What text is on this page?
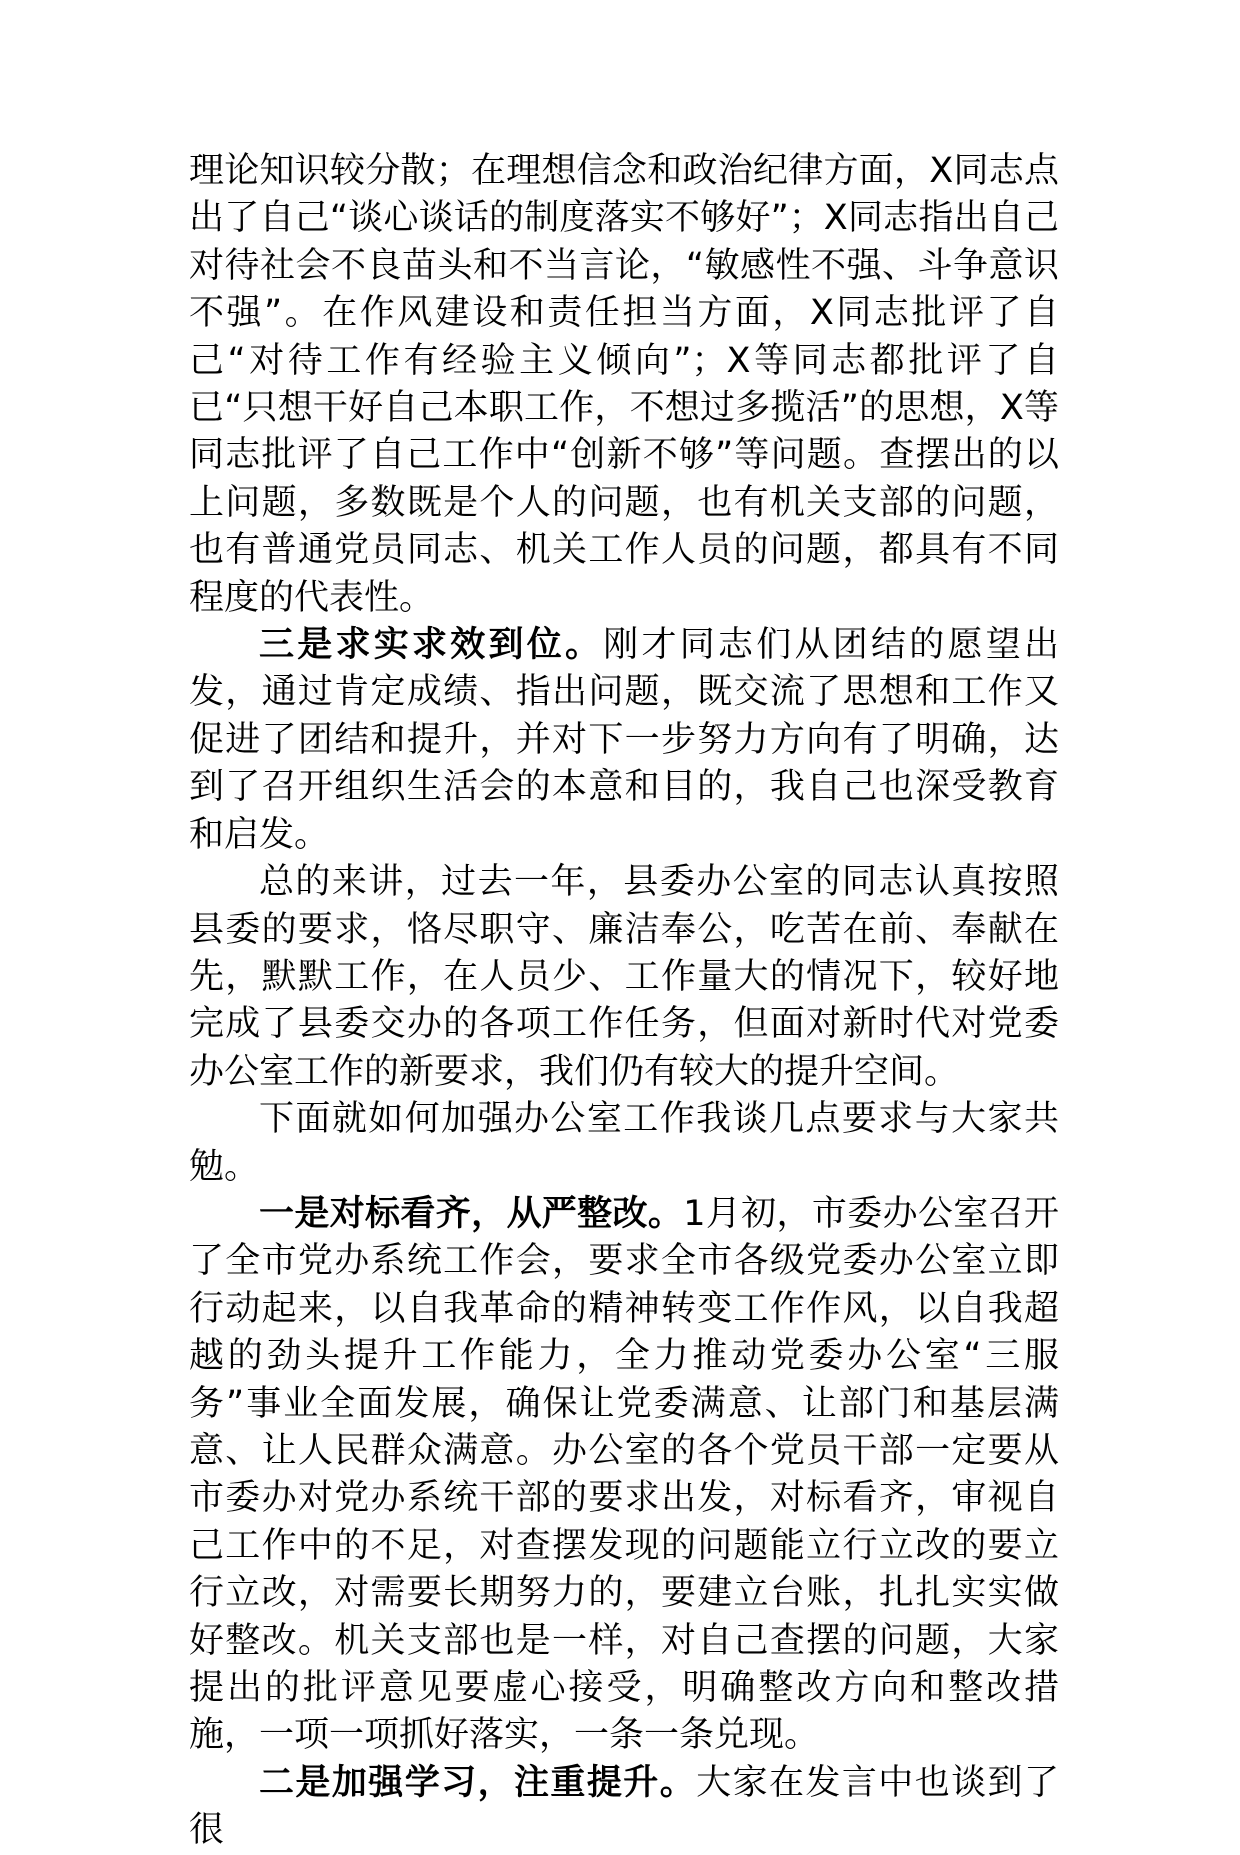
理论知识较分散；在理想信念和政治纪律方面，X同志点出了自己“谈心谈话的制度落实不够好”；X同志指出自己对待社会不良苗头和不当言论，“敏感性不强、斗争意识不强”。在作风建设和责任担当方面，X同志批评了自己“对待工作有经验主义倾向”；X等同志都批评了自已“只想干好自己本职工作，不想过多揽活”的思想，X等同志批评了自己工作中“创新不够”等问题。查摆出的以上问题，多数既是个人的问题，也有机关支部的问题，也有普通党员同志、机关工作人员的问题，都具有不同程度的代表性。

三是求实求效到位。刚才同志们从团结的愿望出发，通过肯定成绩、指出问题，既交流了思想和工作又促进了团结和提升，并对下一步努力方向有了明确，达到了召开组织生活会的本意和目的，我自己也深受教育和启发。

总的来讲，过去一年，县委办公室的同志认真按照县委的要求，恪尽职守、廉洁奉公，吃苦在前、奉献在先，默默工作，在人员少、工作量大的情况下，较好地完成了县委交办的各项工作任务，但面对新时代对党委办公室工作的新要求，我们仍有较大的提升空间。

下面就如何加强办公室工作我谈几点要求与大家共勉。

一是对标看齐，从严整改。1月初，市委办公室召开了全市党办系统工作会，要求全市各级党委办公室立即行动起来，以自我革命的精神转变工作作风，以自我超越的劲头提升工作能力，全力推动党委办公室“三服务”事业全面发展，确保让党委满意、让部门和基层满意、让人民群众满意。办公室的各个党员干部一定要从市委办对党办系统干部的要求出发，对标看齐，审视自己工作中的不足，对查摆发现的问题能立行立改的要立行立改，对需要长期努力的，要建立台账，扎扎实实做好整改。机关支部也是一样，对自己查摆的问题，大家提出的批评意见要虚心接受，明确整改方向和整改措施，一项一项抓好落实，一条一条兑现。

二是加强学习，注重提升。大家在发言中也谈到了很
